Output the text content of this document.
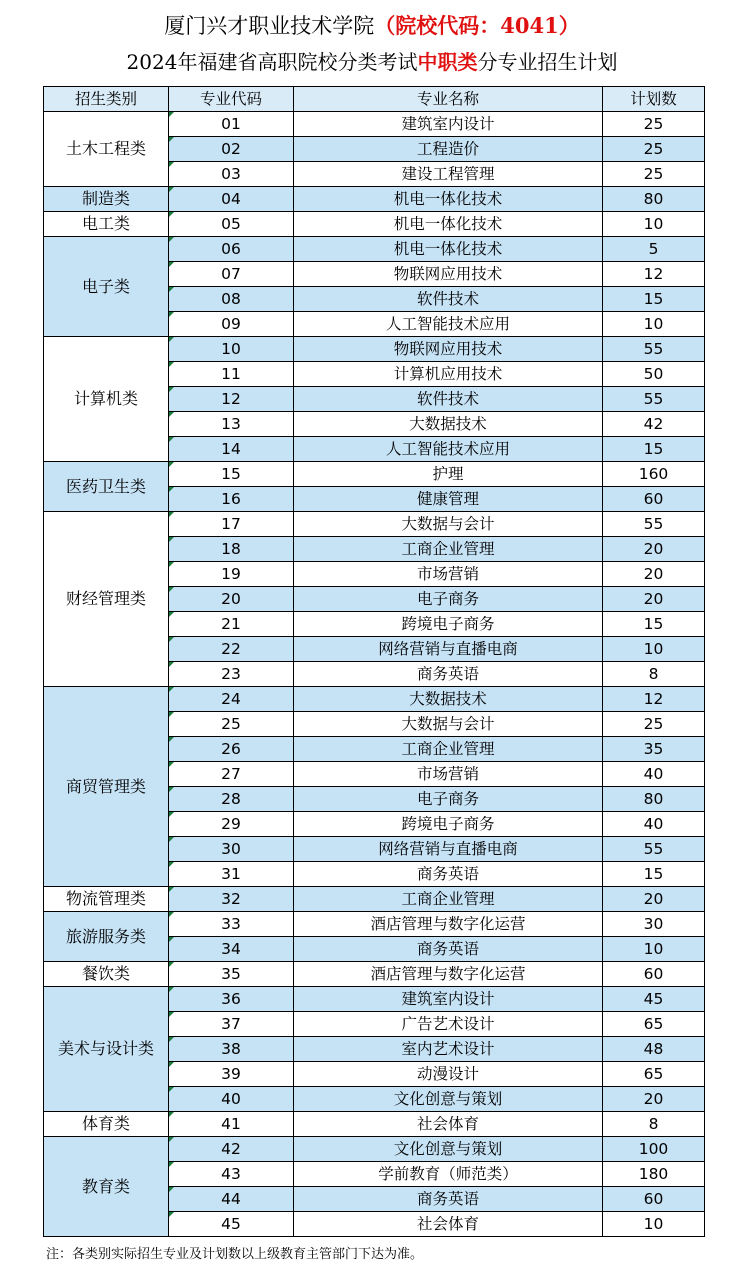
厦门兴才职业技术学院（院校代码：4041）
2024年福建省高职院校分类考试中职类分专业招生计划
招生类别	专业代码	专业名称	计划数
土木工程类	01	建筑室内设计	25

02	工程造价	25

03	建设工程管理	25
制造类	04	机电一体化技术	80
电工类	05	机电一体化技术	10
电子类	06	机电一体化技术	5

07	物联网应用技术	12

08	软件技术	15

09	人工智能技术应用	10
计算机类	10	物联网应用技术	55

11	计算机应用技术	50

12	软件技术	55

13	大数据技术	42

14	人工智能技术应用	15
医药卫生类	15	护理	160

16	健康管理	60
财经管理类	17	大数据与会计	55

18	工商企业管理	20

19	市场营销	20

20	电子商务	20

21	跨境电子商务	15

22	网络营销与直播电商	10

23	商务英语	8
商贸管理类	24	大数据技术	12

25	大数据与会计	25

26	工商企业管理	35

27	市场营销	40

28	电子商务	80

29	跨境电子商务	40

30	网络营销与直播电商	55

31	商务英语	15
物流管理类	32	工商企业管理	20
旅游服务类	33	酒店管理与数字化运营	30

34	商务英语	10
餐饮类	35	酒店管理与数字化运营	60
美术与设计类	36	建筑室内设计	45

37	广告艺术设计	65

38	室内艺术设计	48

39	动漫设计	65

40	文化创意与策划	20
体育类	41	社会体育	8
教育类	42	文化创意与策划	100

43	学前教育（师范类）	180

44	商务英语	60

45	社会体育	10
注：各类别实际招生专业及计划数以上级教育主管部门下达为准。
